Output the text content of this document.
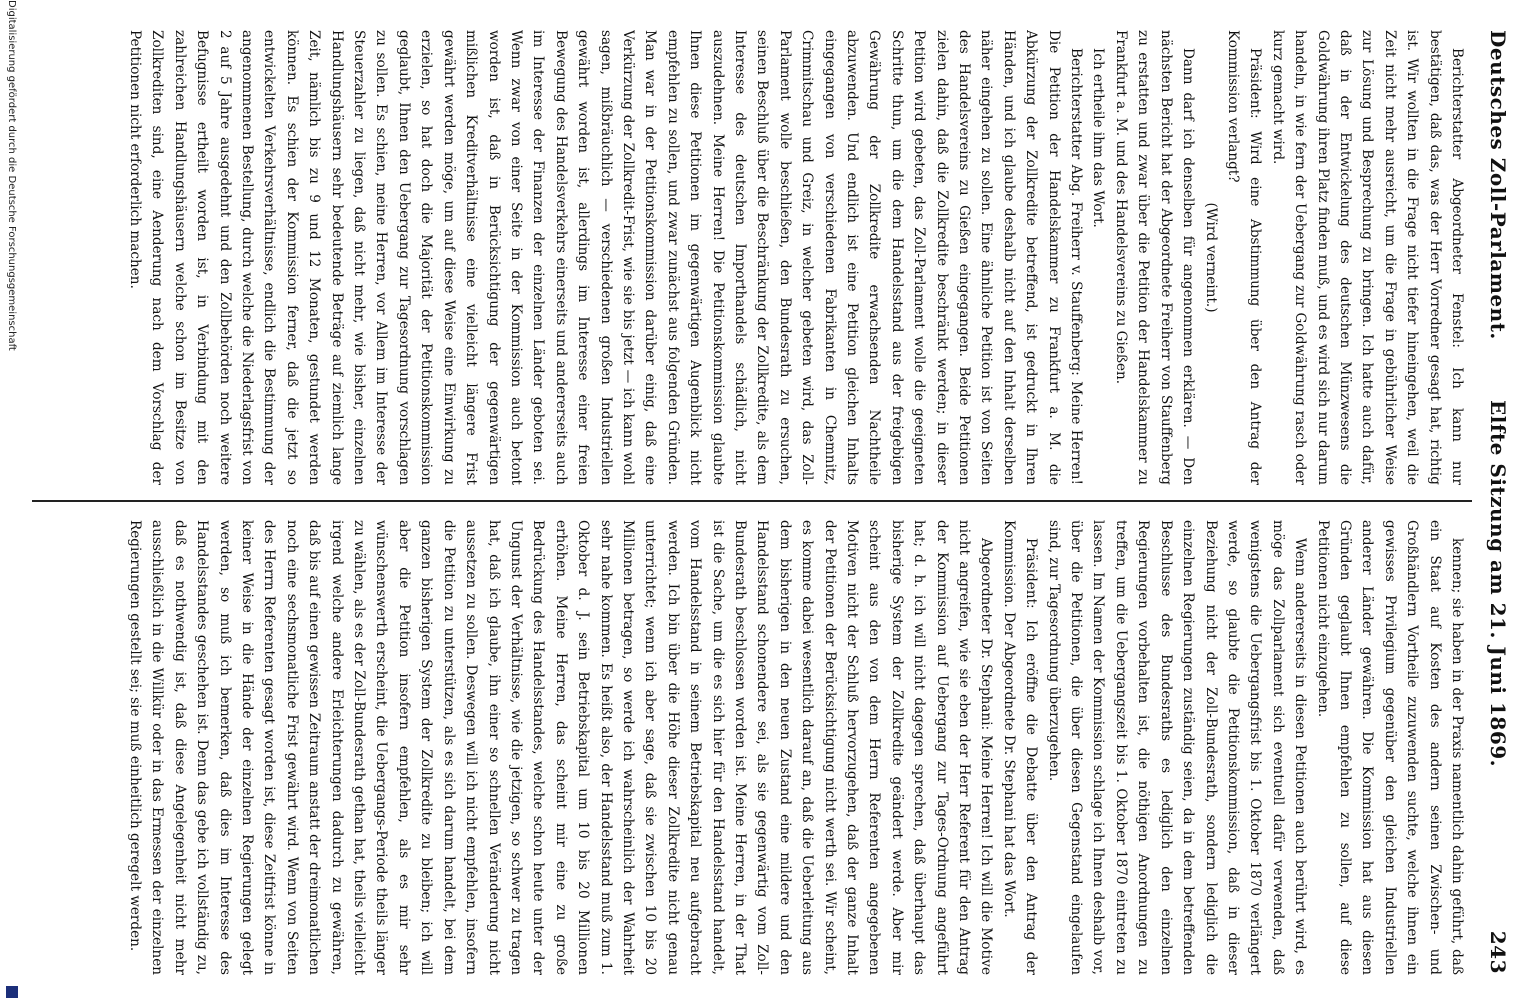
Deutsches Zoll-Parlament.
Elfte Sitzung am 21. Juni 1869.
243

Berichterstatter Abgeordneter Fenstel: Ich kann nur bestätigen, daß das, was der Herr Vorredner gesagt hat, richtig ist. Wir wollten in die Frage nicht tiefer hineingehen, weil die Zeit nicht mehr ausreicht, um die Frage in gebührlicher Weise zur Lösung und Besprechung zu bringen. Ich hatte auch dafür, daß in der Entwickelung des deutschen Münzwesens die Goldwährung ihren Platz finden muß, und es wird sich nur darum handeln, in wie fern der Uebergang zur Goldwährung rasch oder kurz gemacht wird.

Präsident: Wird eine Abstimmung über den Antrag der Kommission verlangt?

(Wird verneint.)

Dann darf ich denselben für angenommen erklären. — Den nächsten Bericht hat der Abgeordnete Freiherr von Stauffenberg zu erstatten und zwar über die Petition der Handelskammer zu Frankfurt a. M. und des Handelsvereins zu Gießen.

Ich ertheile ihm das Wort.

Berichterstatter Abg. Freiherr v. Stauffenberg: Meine Herren! Die Petition der Handelskammer zu Frankfurt a. M. die Abkürzung der Zollkredite betreffend, ist gedruckt in Ihren Händen, und ich glaube deshalb nicht auf den Inhalt derselben näher eingehen zu sollen. Eine ähnliche Petition ist von Seiten des Handelsvereins zu Gießen eingegangen. Beide Petitionen zielen dahin, daß die Zollkredite beschränkt werden; in dieser Petition wird gebeten, das Zoll-Parlament wolle die geeigneten Schritte thun, um die dem Handelsstand aus der freigebigen Gewährung der Zollkredite erwachsenden Nachtheile abzuwenden. Und endlich ist eine Petition gleichen Inhalts eingegangen von verschiedenen Fabrikanten in Chemnitz, Crimmitschau und Greiz, in welcher gebeten wird, das Zoll-Parlament wolle beschließen, den Bundesrath zu ersuchen, seinen Beschluß über die Beschränkung der Zollkredite, als dem Interesse des deutschen Importhandels schädlich, nicht auszudehnen. Meine Herren! Die Petitionskommission glaubte Ihnen diese Petitionen im gegenwärtigen Augenblick nicht empfehlen zu sollen, und zwar zunächst aus folgenden Gründen. Man war in der Petitionskommission darüber einig, daß eine Verkürzung der Zollkredit-Frist, wie sie bis jetzt — ich kann wohl sagen, mißbräuchlich — verschiedenen großen Industriellen gewährt worden ist, allerdings im Interesse einer freien Bewegung des Handelsverkehrs einerseits und andererseits auch im Interesse der Finanzen der einzelnen Länder geboten sei. Wenn zwar von einer Seite in der Kommission auch betont worden ist, daß in Berücksichtigung der gegenwärtigen mißlichen Kreditverhältnisse eine vielleicht längere Frist gewährt werden möge, um auf diese Weise eine Einwirkung zu erzielen, so hat doch die Majorität der Petitionskommission geglaubt, Ihnen den Uebergang zur Tagesordnung vorschlagen zu sollen. Es schien, meine Herren, vor Allem im Interesse der Steuerzahler zu liegen, daß nicht mehr, wie bisher, einzelnen Handlungshäusern sehr bedeutende Beträge auf ziemlich lange Zeit, nämlich bis zu 9 und 12 Monaten, gestundet werden können. Es schien der Kommission ferner, daß die jetzt so entwickelten Verkehrsverhältnisse, endlich die Bestimmung der angenommenen Bestellung, durch welche die Niederlagsfrist von 2 auf 5 Jahre ausgedehnt und den Zollbehörden noch weitere Befugnisse ertheilt worden ist, in Verbindung mit den zahlreichen Handlungshäusern welche schon im Besitze von Zollkrediten sind, eine Aenderung nach dem Vorschlag der Petitionen nicht erforderlich machen.

kennen; sie haben in der Praxis namentlich dahin geführt, daß ein Staat auf Kosten des andern seinen Zwischen- und Großhändlern Vortheile zuzuwenden suchte, welche ihnen ein gewisses Privilegium gegenüber den gleichen Industriellen anderer Länder gewähren. Die Kommission hat aus diesen Gründen geglaubt Ihnen empfehlen zu sollen, auf diese Petitionen nicht einzugehen.

Wenn andererseits in diesen Petitionen auch berührt wird, es möge das Zollparlament sich eventuell dafür verwenden, daß wenigstens die Uebergangsfrist bis 1. Oktober 1870 verlängert werde, so glaubte die Petitionskommission, daß in dieser Beziehung nicht der Zoll-Bundesrath, sondern lediglich die einzelnen Regierungen zuständig seien, da in dem betreffenden Beschlusse des Bundesraths es lediglich den einzelnen Regierungen vorbehalten ist, die nöthigen Anordnungen zu treffen, um die Uebergangszeit bis 1. Oktober 1870 eintreten zu lassen. Im Namen der Kommission schlage ich Ihnen deshalb vor, über die Petitionen, die über diesen Gegenstand eingelaufen sind, zur Tagesordnung überzugehen.

Präsident: Ich eröffne die Debatte über den Antrag der Kommission. Der Abgeordnete Dr. Stephani hat das Wort.

Abgeordneter Dr. Stephani: Meine Herren! Ich will die Motive nicht angreifen, wie sie eben der Herr Referent für den Antrag der Kommission auf Uebergang zur Tages-Ordnung angeführt hat; d. h. ich will nicht dagegen sprechen, daß überhaupt das bisherige System der Zollkredite geändert werde. Aber mir scheint aus den von dem Herrn Referenten angegebenen Motiven nicht der Schluß hervorzugehen, daß der ganze Inhalt der Petitionen der Berücksichtigung nicht werth sei. Wir scheint, es komme dabei wesentlich darauf an, daß die Ueberleitung aus dem bisherigen in den neuen Zustand eine mildere und den Handelsstand schonendere sei, als sie gegenwärtig vom Zoll-Bundesrath beschlossen worden ist. Meine Herren, in der That ist die Sache, um die es sich hier für den Handelsstand handelt, vom Handelsstand in seinem Betriebskapital neu aufgebracht werden. Ich bin über die Höhe dieser Zollkredite nicht genau unterrichtet; wenn ich aber sage, daß sie zwischen 10 bis 20 Millionen betragen, so werde ich wahrscheinlich der Wahrheit sehr nahe kommen. Es heißt also, der Handelsstand muß zum 1. Oktober d. J. sein Betriebskapital um 10 bis 20 Millionen erhöhen. Meine Herren, das scheint mir eine zu große Bedrückung des Handelsstandes, welche schon heute unter der Ungunst der Verhältnisse, wie die jetzigen, so schwer zu tragen hat, daß ich glaube, ihn einer so schnellen Veränderung nicht aussetzen zu sollen. Deswegen will ich nicht empfehlen, insofern die Petition zu unterstützen, als es sich darum handelt, bei dem ganzen bisherigen System der Zollkredite zu bleiben; ich will aber die Petition insofern empfehlen, als es mir sehr wünschenswerth erscheint, die Uebergangs-Periode theils länger zu wählen, als es der Zoll-Bundesrath gethan hat, theils vielleicht irgend welche andere Erleichterungen dadurch zu gewähren, daß bis auf einen gewissen Zeitraum anstatt der dreimonatlichen noch eine sechsmonatliche Frist gewährt wird. Wenn von Seiten des Herrn Referenten gesagt worden ist, diese Zeitfrist könne in keiner Weise in die Hände der einzelnen Regierungen gelegt werden, so muß ich bemerken, daß dies im Interesse des Handelsstandes geschehen ist. Denn das gebe ich vollständig zu, daß es nothwendig ist, daß diese Angelegenheit nicht mehr ausschließlich in die Willkür oder in das Ermessen der einzelnen Regierungen gestellt sei; sie muß einheitlich geregelt werden.

Digitalisierung gefördert durch die Deutsche Forschungsgemeinschaft
